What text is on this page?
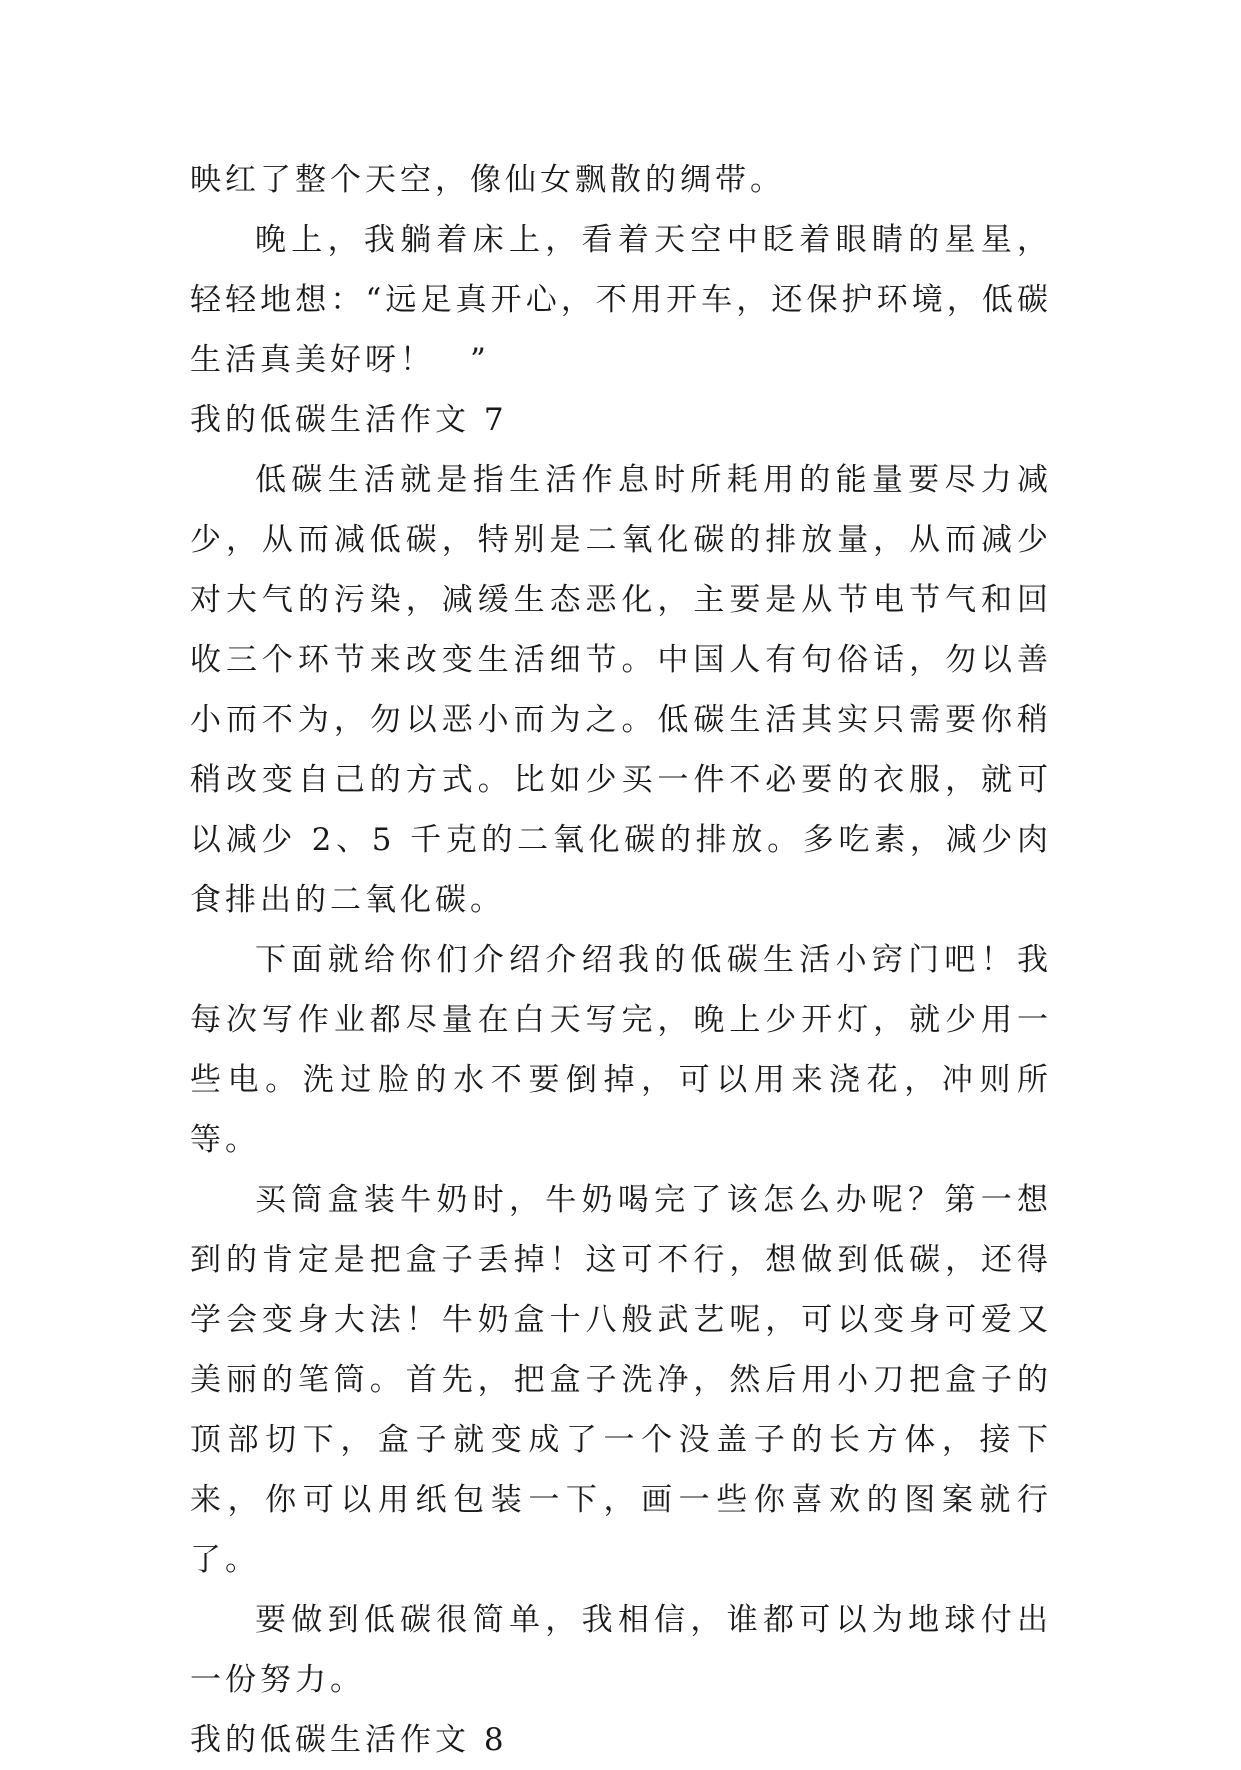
映红了整个天空，像仙女飘散的绸带。

晚上，我躺着床上，看着天空中眨着眼睛的星星，轻轻地想：“远足真开心，不用开车，还保护环境，低碳生活真美好呀！　”

我的低碳生活作文 7

低碳生活就是指生活作息时所耗用的能量要尽力减少，从而减低碳，特别是二氧化碳的排放量，从而减少对大气的污染，减缓生态恶化，主要是从节电节气和回收三个环节来改变生活细节。中国人有句俗话，勿以善小而不为，勿以恶小而为之。低碳生活其实只需要你稍稍改变自己的方式。比如少买一件不必要的衣服，就可以减少 2、5 千克的二氧化碳的排放。多吃素，减少肉食排出的二氧化碳。

下面就给你们介绍介绍我的低碳生活小窍门吧！我每次写作业都尽量在白天写完，晚上少开灯，就少用一些电。洗过脸的水不要倒掉，可以用来浇花，冲则所等。

买筒盒装牛奶时，牛奶喝完了该怎么办呢？第一想到的肯定是把盒子丢掉！这可不行，想做到低碳，还得学会变身大法！牛奶盒十八般武艺呢，可以变身可爱又美丽的笔筒。首先，把盒子洗净，然后用小刀把盒子的顶部切下，盒子就变成了一个没盖子的长方体，接下来，你可以用纸包装一下，画一些你喜欢的图案就行了。

要做到低碳很简单，我相信，谁都可以为地球付出一份努力。

我的低碳生活作文 8
